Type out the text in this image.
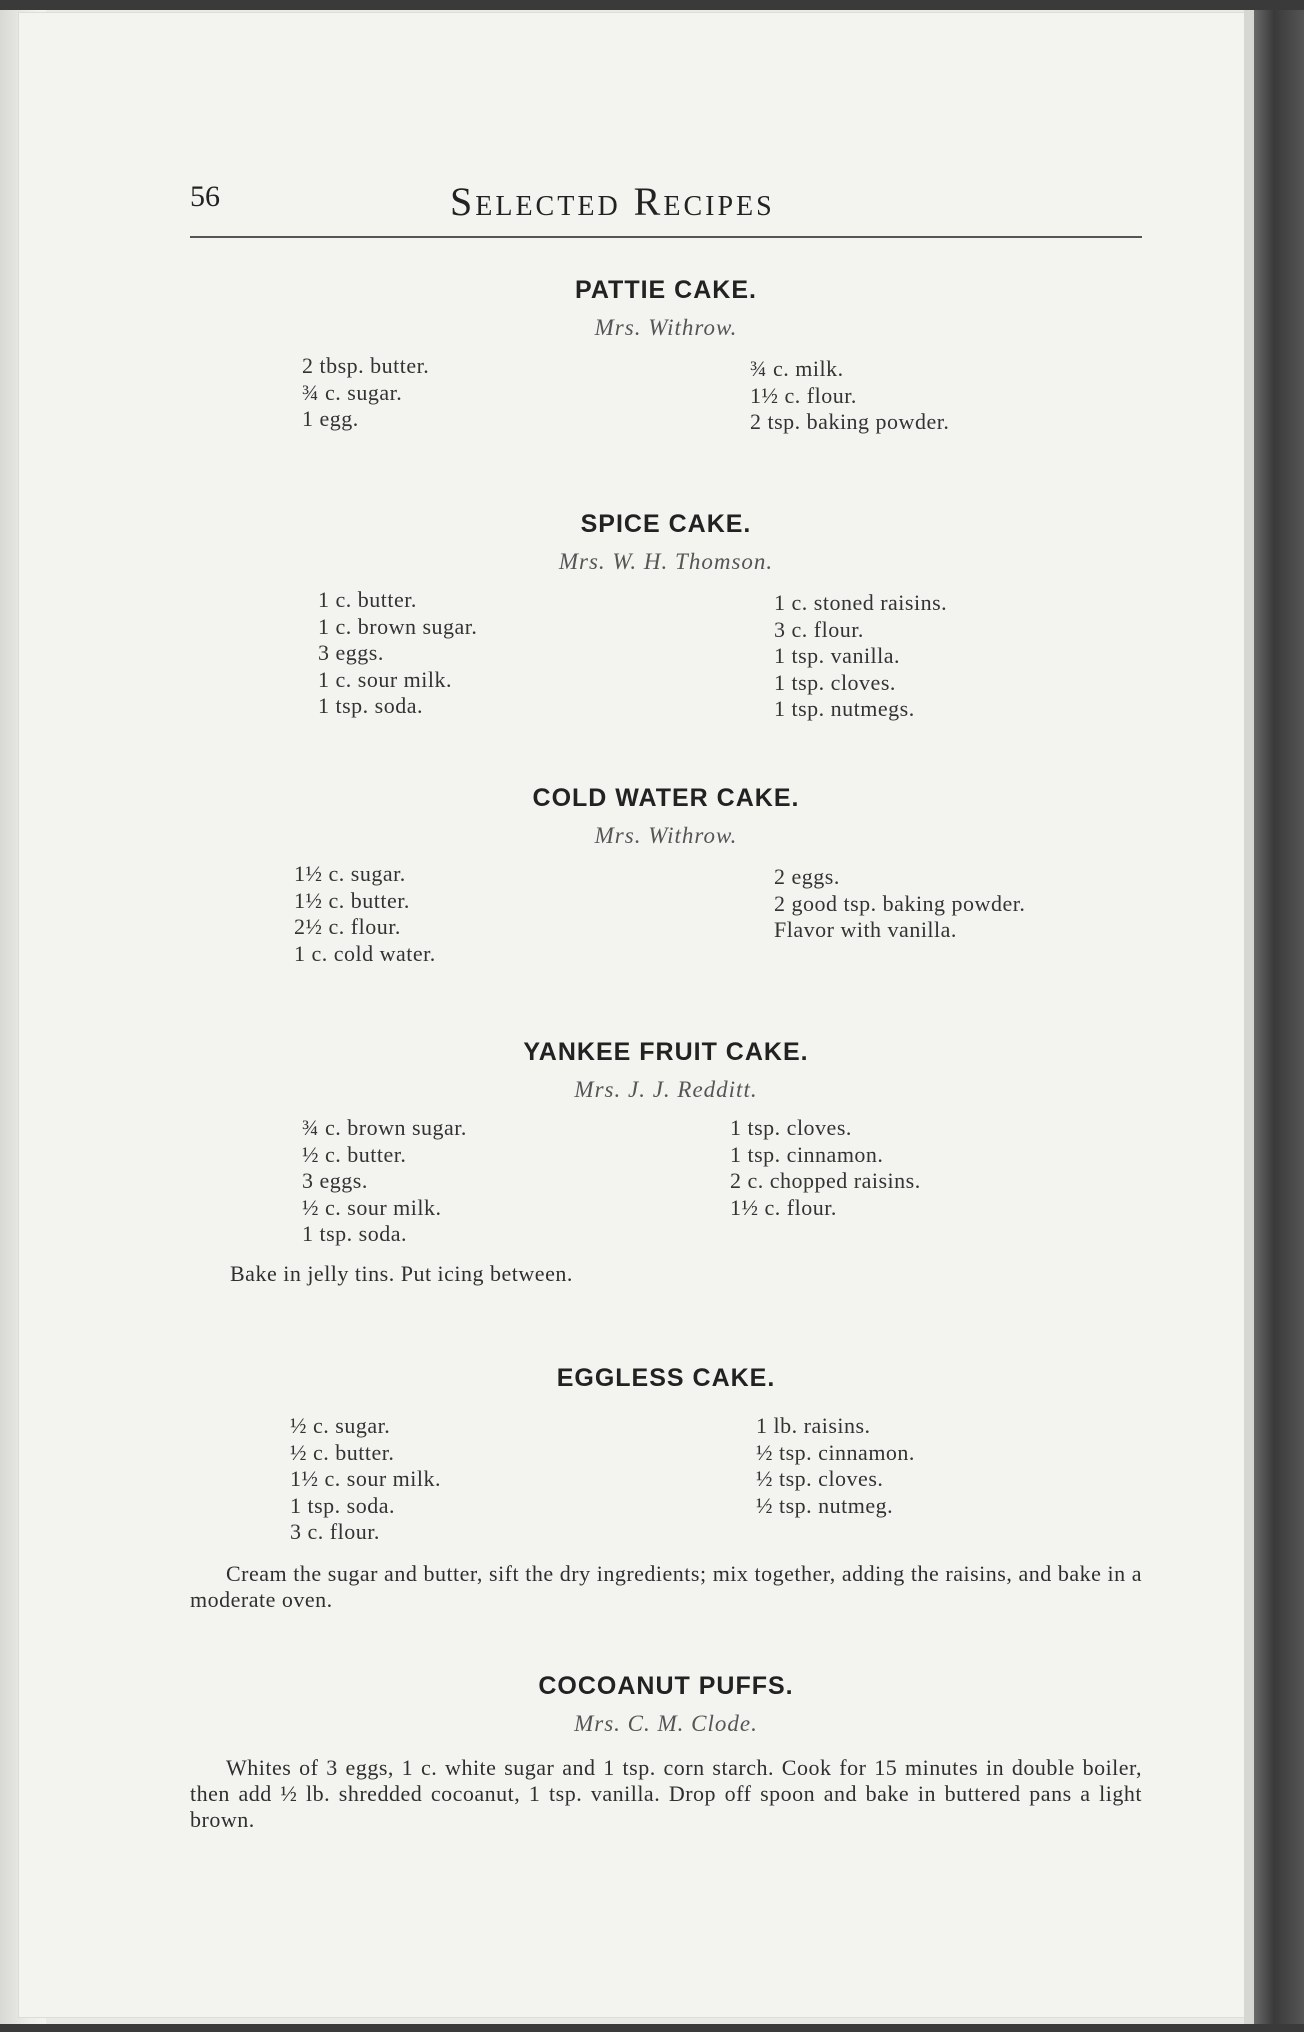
56	Selected Recipes
PATTIE CAKE.
Mrs. Withrow.
2 tbsp. butter.
¾ c. sugar.
1 egg.
¾ c. milk.
1½ c. flour.
2 tsp. baking powder.
SPICE CAKE.
Mrs. W. H. Thomson.
1 c. butter.
1 c. brown sugar.
3 eggs.
1 c. sour milk.
1 tsp. soda.
1 c. stoned raisins.
3 c. flour.
1 tsp. vanilla.
1 tsp. cloves.
1 tsp. nutmegs.
COLD WATER CAKE.
Mrs. Withrow.
1½ c. sugar.
1½ c. butter.
2½ c. flour.
1 c. cold water.
2 eggs.
2 good tsp. baking powder.
Flavor with vanilla.
YANKEE FRUIT CAKE.
Mrs. J. J. Redditt.
¾ c. brown sugar.
½ c. butter.
3 eggs.
½ c. sour milk.
1 tsp. soda.
1 tsp. cloves.
1 tsp. cinnamon.
2 c. chopped raisins.
1½ c. flour.
Bake in jelly tins. Put icing between.
EGGLESS CAKE.
½ c. sugar.
½ c. butter.
1½ c. sour milk.
1 tsp. soda.
3 c. flour.
1 lb. raisins.
½ tsp. cinnamon.
½ tsp. cloves.
½ tsp. nutmeg.
Cream the sugar and butter, sift the dry ingredients; mix together, adding the raisins, and bake in a moderate oven.
COCOANUT PUFFS.
Mrs. C. M. Clode.
Whites of 3 eggs, 1 c. white sugar and 1 tsp. corn starch. Cook for 15 minutes in double boiler, then add ½ lb. shredded cocoanut, 1 tsp. vanilla. Drop off spoon and bake in buttered pans a light brown.
